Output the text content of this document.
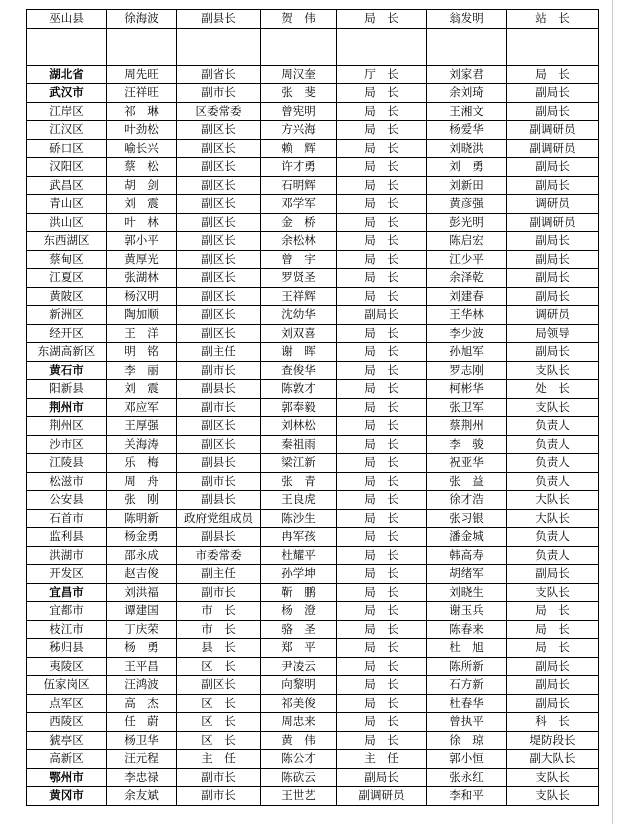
巫山县	徐海波	副县长	贺　伟	局　长	翁发明	站　长

湖北省	周先旺	副省长	周汉奎	厅　长	刘家君	局　长
武汉市	汪祥旺	副市长	张　斐	局　长	余刘琦	副局长
江岸区	祁　琳	区委常委	曾宪明	局　长	王湘文	副局长
江汉区	叶劲松	副区长	方兴海	局　长	杨爱华	副调研员
硚口区	喻长兴	副区长	赖　辉	局　长	刘晓洪	副调研员
汉阳区	蔡　松	副区长	许才勇	局　长	刘　勇	副局长
武昌区	胡　剑	副区长	石明辉	局　长	刘新田	副局长
青山区	刘　震	副区长	邓学军	局　长	黄彦强	调研员
洪山区	叶　林	副区长	金　桥	局　长	彭光明	副调研员
东西湖区	郭小平	副区长	余松林	局　长	陈启宏	副局长
蔡甸区	黄厚光	副区长	曾　宇	局　长	江少平	副局长
江夏区	张湖林	副区长	罗贤圣	局　长	余泽乾	副局长
黄陂区	杨汉明	副区长	王祥辉	局　长	刘建春	副局长
新洲区	陶加顺	副区长	沈幼华	副局长	王华林	调研员
经开区	王　洋	副区长	刘双喜	局　长	李少波	局领导
东湖高新区	明　铭	副主任	谢　晖	局　长	孙旭军	副局长
黄石市	李　丽	副市长	查俊华	局　长	罗志刚	支队长
阳新县	刘　震	副县长	陈敦才	局　长	柯彬华	处　长
荆州市	邓应军	副市长	郭奉毅	局　长	张卫军	支队长
荆州区	王厚强	副区长	刘林松	局　长	蔡荆州	负责人
沙市区	关海涛	副区长	秦祖雨	局　长	李　骏	负责人
江陵县	乐　梅	副县长	梁江新	局　长	祝亚华	负责人
松滋市	周　舟	副市长	张　青	局　长	张　益	负责人
公安县	张　刚	副县长	王良虎	局　长	徐才浩	大队长
石首市	陈明新	政府党组成员	陈沙生	局　长	张习银	大队长
监利县	杨金勇	副县长	冉军孩	局　长	潘金城	负责人
洪湖市	邵永成	市委常委	杜耀平	局　长	韩高寿	负责人
开发区	赵吉俊	副主任	孙学坤	局　长	胡绪军	副局长
宜昌市	刘洪福	副市长	靳　鹏	局　长	刘晓生	支队长
宜都市	谭建国	市　长	杨　澄	局　长	谢玉兵	局　长
枝江市	丁庆荣	市　长	骆　圣	局　长	陈春来	局　长
秭归县	杨　勇	县　长	郑　平	局　长	杜　旭	局　长
夷陵区	王平昌	区　长	尹凌云	局　长	陈所新	副局长
伍家岗区	汪鸿波	副区长	向黎明	局　长	石方新	副局长
点军区	高　杰	区　长	祁美俊	局　长	杜春华	副局长
西陵区	任　蔚	区　长	周忠来	局　长	曾执平	科　长
猇亭区	杨卫华	区　长	黄　伟	局　长	徐　琼	堤防段长
高新区	汪元程	主　任	陈公才	主　任	郭小恒	副大队长
鄂州市	李忠禄	副市长	陈砍云	副局长	张永红	支队长
黄冈市	余友斌	副市长	王世艺	副调研员	李和平	支队长
